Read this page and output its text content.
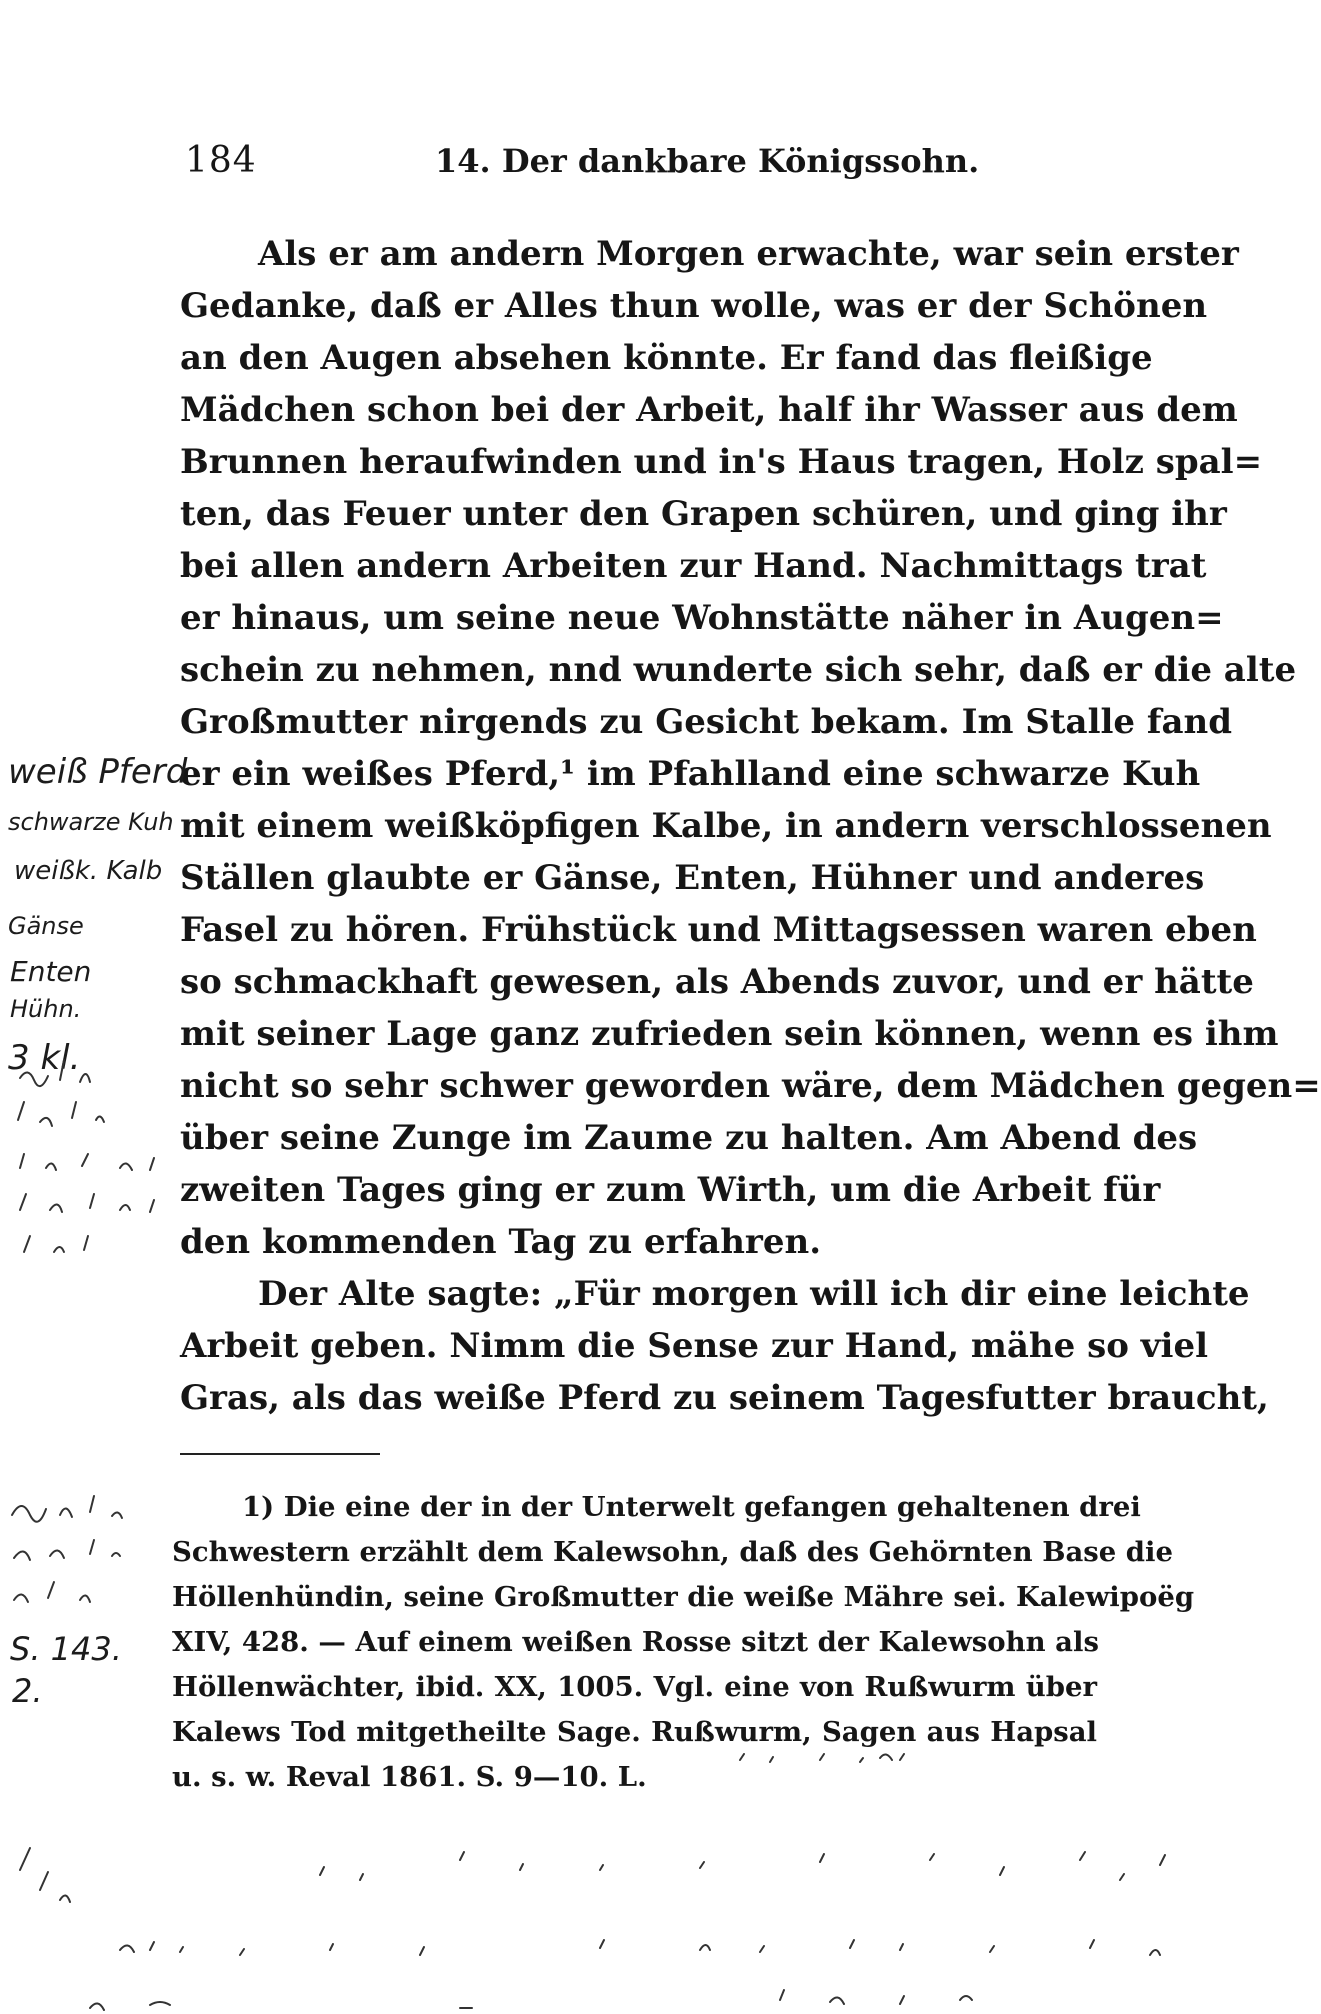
184	14. Der dankbare Königssohn.
Als er am andern Morgen erwachte, war sein erster
Gedanke, daß er Alles thun wolle, was er der Schönen
an den Augen absehen könnte. Er fand das fleißige
Mädchen schon bei der Arbeit, half ihr Wasser aus dem
Brunnen heraufwinden und in's Haus tragen, Holz spal=
ten, das Feuer unter den Grapen schüren, und ging ihr
bei allen andern Arbeiten zur Hand. Nachmittags trat
er hinaus, um seine neue Wohnstätte näher in Augen=
schein zu nehmen, nnd wunderte sich sehr, daß er die alte
Großmutter nirgends zu Gesicht bekam. Im Stalle fand
er ein weißes Pferd,¹ im Pfahlland eine schwarze Kuh
mit einem weißköpfigen Kalbe, in andern verschlossenen
Ställen glaubte er Gänse, Enten, Hühner und anderes
Fasel zu hören. Frühstück und Mittagsessen waren eben
so schmackhaft gewesen, als Abends zuvor, und er hätte
mit seiner Lage ganz zufrieden sein können, wenn es ihm
nicht so sehr schwer geworden wäre, dem Mädchen gegen=
über seine Zunge im Zaume zu halten. Am Abend des
zweiten Tages ging er zum Wirth, um die Arbeit für
den kommenden Tag zu erfahren.
Der Alte sagte: „Für morgen will ich dir eine leichte
Arbeit geben. Nimm die Sense zur Hand, mähe so viel
Gras, als das weiße Pferd zu seinem Tagesfutter braucht,
1) Die eine der in der Unterwelt gefangen gehaltenen drei
Schwestern erzählt dem Kalewsohn, daß des Gehörnten Base die
Höllenhündin, seine Großmutter die weiße Mähre sei. Kalewipoëg
XIV, 428. — Auf einem weißen Rosse sitzt der Kalewsohn als
Höllenwächter, ibid. XX, 1005. Vgl. eine von Rußwurm über
Kalews Tod mitgetheilte Sage. Rußwurm, Sagen aus Hapsal
u. s. w. Reval 1861. S. 9—10. L.
weiß Pferd
schwarze Kuh
weißk. Kalb
Gänse
Enten
Hühn.
3 kl.
S. 143.
2.
